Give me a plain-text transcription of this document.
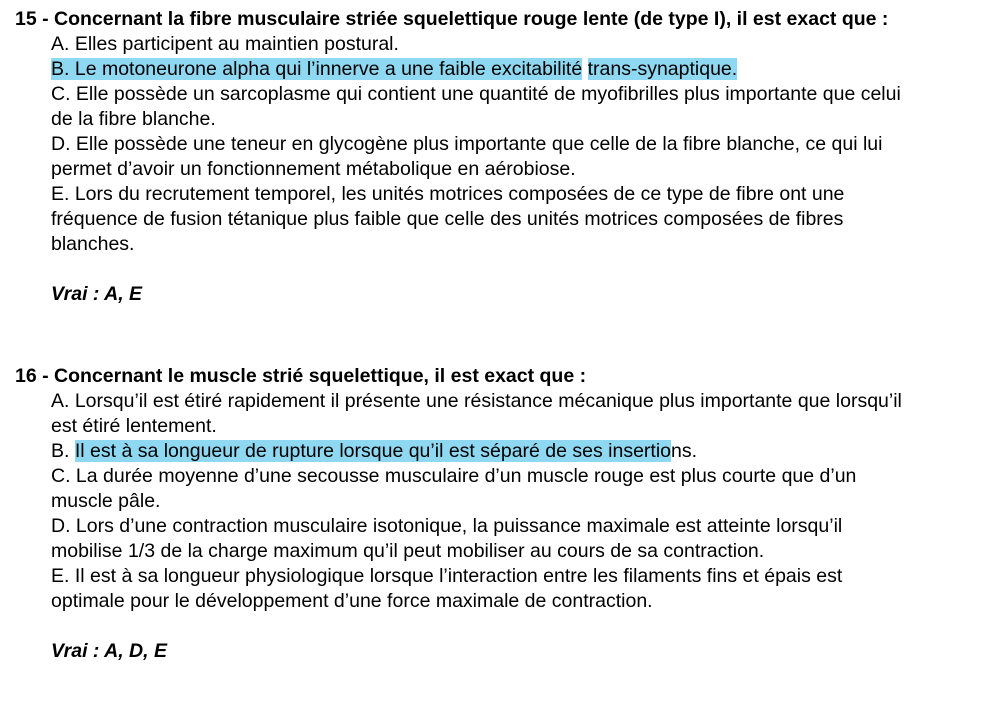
15 - Concernant la fibre musculaire striée squelettique rouge lente (de type I), il est exact que :
A. Elles participent au maintien postural.
B. Le motoneurone alpha qui l’innerve a une faible excitabilité trans-synaptique.
C. Elle possède un sarcoplasme qui contient une quantité de myofibrilles plus importante que celui de la fibre blanche.
D. Elle possède une teneur en glycogène plus importante que celle de la fibre blanche, ce qui lui permet d’avoir un fonctionnement métabolique en aérobiose.
E. Lors du recrutement temporel, les unités motrices composées de ce type de fibre ont une fréquence de fusion tétanique plus faible que celle des unités motrices composées de fibres blanches.
Vrai : A, E
16 - Concernant le muscle strié squelettique, il est exact que :
A. Lorsqu’il est étiré rapidement il présente une résistance mécanique plus importante que lorsqu’il est étiré lentement.
B. Il est à sa longueur de rupture lorsque qu’il est séparé de ses insertions.
C. La durée moyenne d’une secousse musculaire d’un muscle rouge est plus courte que d’un muscle pâle.
D. Lors d’une contraction musculaire isotonique, la puissance maximale est atteinte lorsqu’il mobilise 1/3 de la charge maximum qu’il peut mobiliser au cours de sa contraction.
E. Il est à sa longueur physiologique lorsque l’interaction entre les filaments fins et épais est optimale pour le développement d’une force maximale de contraction.
Vrai : A, D, E
